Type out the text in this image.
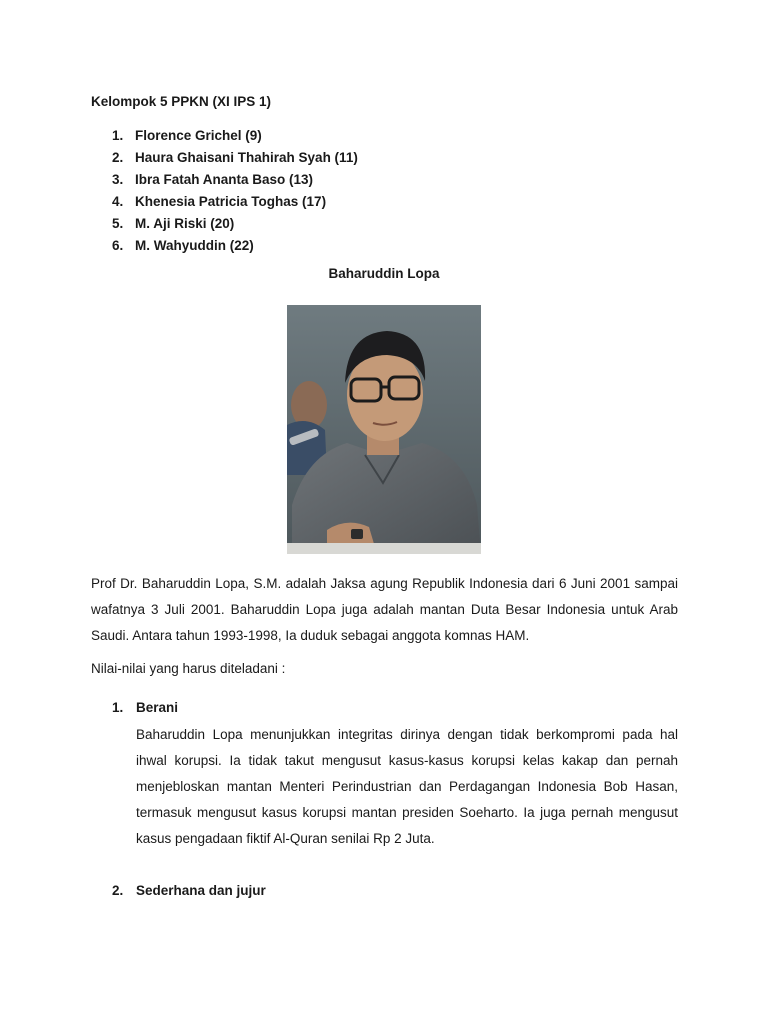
Kelompok 5 PPKN (XI IPS 1)
1. Florence Grichel (9)
2. Haura Ghaisani Thahirah Syah (11)
3. Ibra Fatah Ananta Baso (13)
4. Khenesia Patricia Toghas (17)
5. M. Aji Riski (20)
6. M. Wahyuddin (22)
Baharuddin Lopa

Prof Dr. Baharuddin Lopa, S.M. adalah Jaksa agung Republik Indonesia dari 6 Juni 2001 sampai wafatnya 3 Juli 2001. Baharuddin Lopa juga adalah mantan Duta Besar Indonesia untuk Arab Saudi. Antara tahun 1993-1998, Ia duduk sebagai anggota komnas HAM.

Nilai-nilai yang harus diteladani :
1. Berani

Baharuddin Lopa menunjukkan integritas dirinya dengan tidak berkompromi pada hal ihwal korupsi. Ia tidak takut mengusut kasus-kasus korupsi kelas kakap dan pernah menjebloskan mantan Menteri Perindustrian dan Perdagangan Indonesia Bob Hasan, termasuk mengusut kasus korupsi mantan presiden Soeharto. Ia juga pernah mengusut kasus pengadaan fiktif Al-Quran senilai Rp 2 Juta.

2. Sederhana dan jujur
